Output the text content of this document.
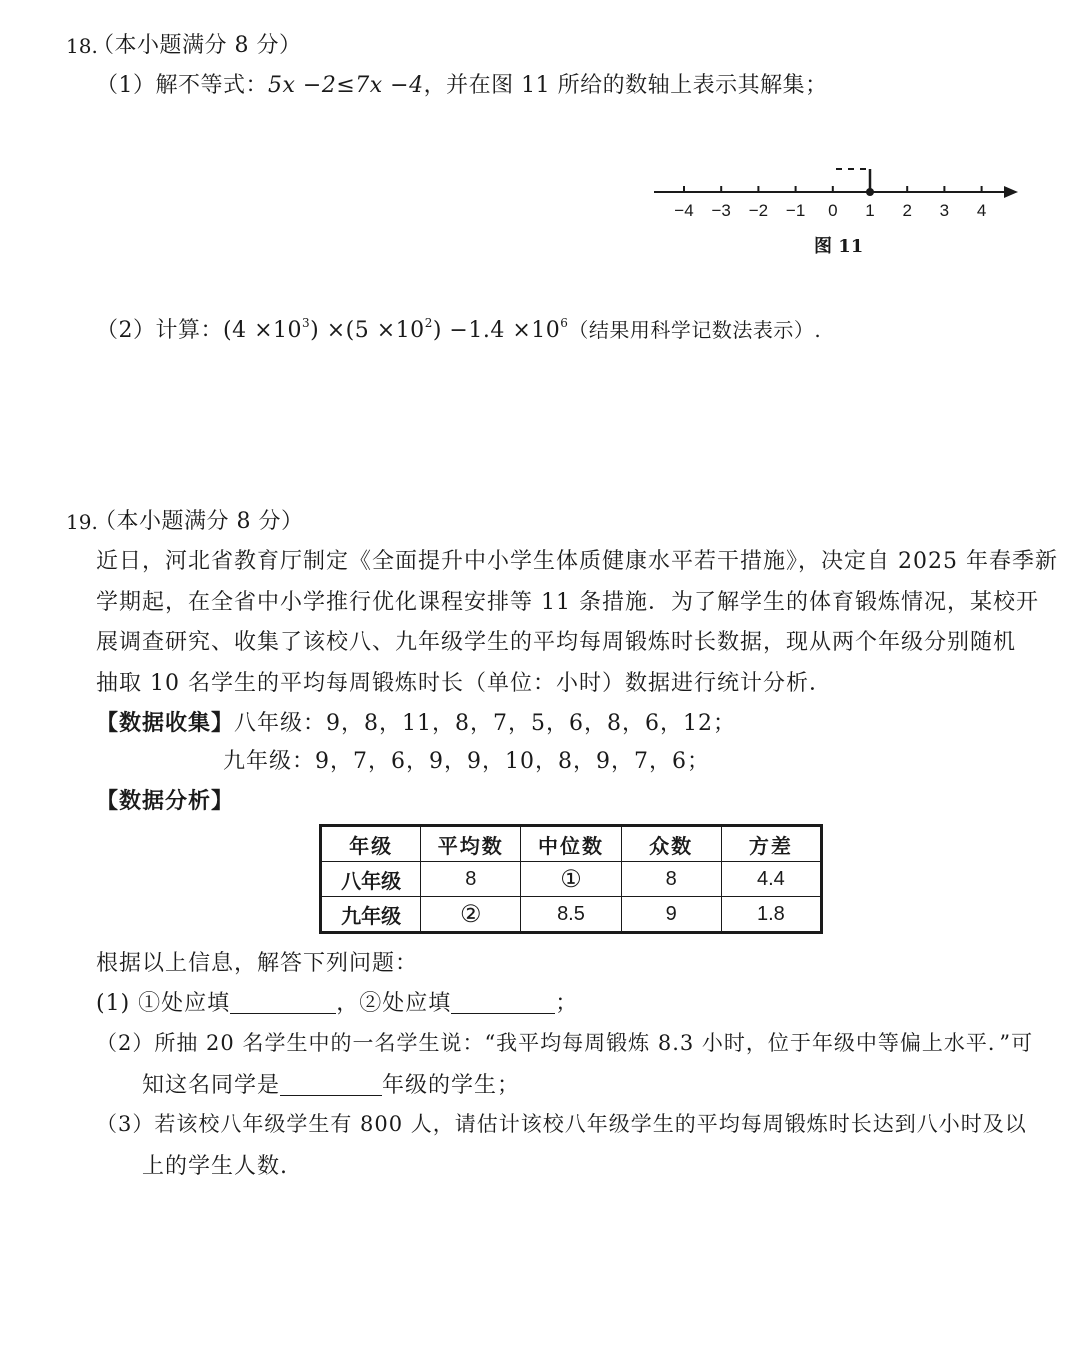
18.
（本小题满分 8 分）
（1）解不等式：5x −2≤7x −4，并在图 11 所给的数轴上表示其解集；
−4 −3 −2 −1 0 1 2 3 4
图 11
（2）计算：$(4 \times 10^3) \times(5 \times 10^2) -1.4 \times 10^6$（结果用科学记数法表示）.
19.
（本小题满分 8 分）
近日，河北省教育厅制定《全面提升中小学生体质健康水平若干措施》，决定自 2025 年春季新
学期起，在全省中小学推行优化课程安排等 11 条措施．为了解学生的体育锻炼情况，某校开
展调查研究、收集了该校八、九年级学生的平均每周锻炼时长数据，现从两个年级分别随机
抽取 10 名学生的平均每周锻炼时长（单位：小时）数据进行统计分析．
【数据收集】八年级：9，8，11，8，7，5，6，8，6，12；
九年级：9，7，6，9，9，10，8，9，7，6；
【数据分析】
年级	平均数	中位数	众数	方差
八年级	8	①	8	4.4
九年级	②	8.5	9	1.8
根据以上信息，解答下列问题：
(1) ①处应填	，②处应填	；
（2）所抽 20 名学生中的一名学生说：“我平均每周锻炼 8.3 小时，位于年级中等偏上水平．”可
知这名同学是	年级的学生；
（3）若该校八年级学生有 800 人，请估计该校八年级学生的平均每周锻炼时长达到八小时及以
上的学生人数.
